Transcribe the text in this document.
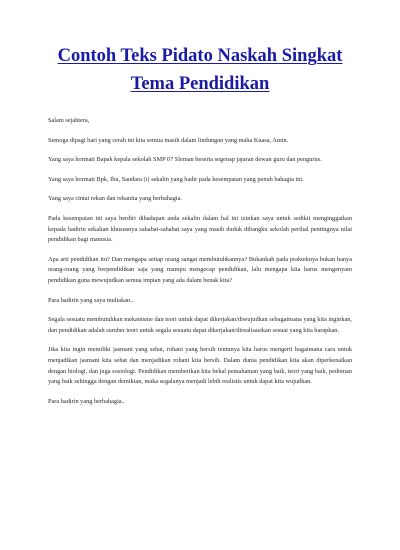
Contoh Teks Pidato Naskah Singkat Tema Pendidikan

Salam sejahtera,

Semoga dipagi hari yang cerah ini kita semua masih dalam lindungan yang maha Kuasa, Amin.

Yang saya hormati Bapak kepala sekolah SMP 07 Sleman beserta segenap jajaran dewan guru dan pengurus.

Yang saya hormati Bpk, Ibu, Saudara (i) sekalin yang hadir pada kesempatan yang penuh bahagia ini.

Yang saya cintai rekan dan rekanita yang berbahagia.

Pada kesempatan ini saya berdiri dihadapan anda sekalin dalam hal ini izinkan saya untuk sedikit menginggatkan kepada hadirin sekalian khususnya sahabat-sahabat saya yang masih duduk dibangku sekolah perihal pentingnya nilai pendidikan bagi manusia.

Apa arti pendidikan itu? Dan mengapa setiap orang sangat membutuhkannya? Bukankah pada prakteknya bukan hanya orang-orang yang berpendidikan saja yang mampu mengecap pendidikan, lalu mengapa kita harus mengenyam pendidikan guna mewujudkan semua impian yang ada dalam benak kita?

Para hadirin yang saya muliakan..

Segala sesuatu membutuhkan mekanisme dan teori untuk dapat dikerjakan/diwujudkan sebagaimana yang kita inginkan, dan pendidikan adalah sumber teori untuk segala sesuatu dapat dikerjakan/direalisasikan sesuai yang kita harapkan.

Jika kita ingin memiliki jasmani yang sehat, rohani yang bersih tentunya kita harus mengerti bagaimana cara untuk menjadikan jasmani kita sehat dan menjadikan rohani kita bersih. Dalam dunia pendidikan kita akan diperkenalkan dengan biologi, dan juga sosiologi. Pendidikan memberikan kita bekal pemahaman yang baik, teori yang baik, pedoman yang baik sehingga dengan demikian, maka segalanya menjadi lebih realistis untuk dapat kita wujudkan.

Para hadirin yang berbahagia..
